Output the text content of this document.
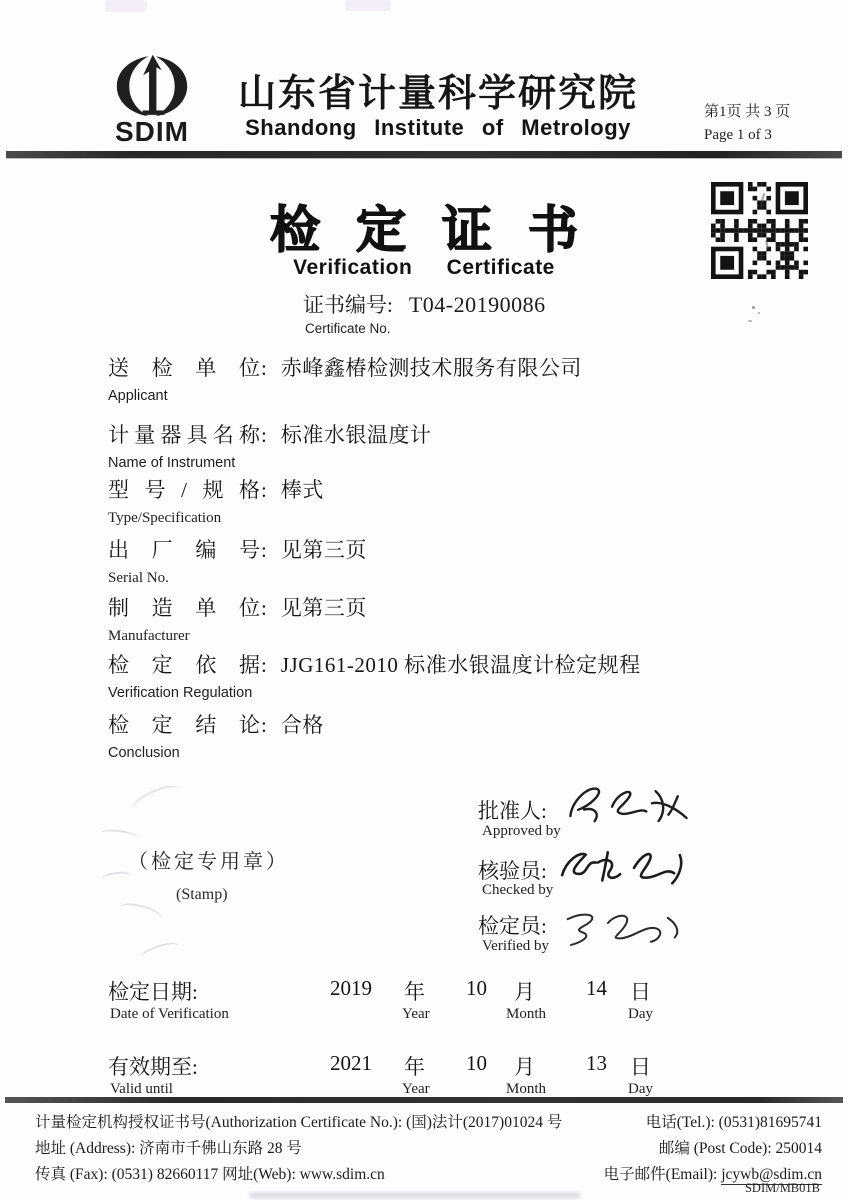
SDIM
山东省计量科学研究院
Shandong Institute of Metrology
第1页 共 3 页
Page 1 of 3
检定证书
Verification Certificate
证书编号: T04-20190086
Certificate No.
送检单位: 赤峰鑫椿检测技术服务有限公司
Applicant
计量器具名称: 标准水银温度计
Name of Instrument
型号/规格: 棒式
Type/Specification
出厂编号: 见第三页
Serial No.
制造单位: 见第三页
Manufacturer
检定依据: JJG161-2010 标准水银温度计检定规程
Verification Regulation
检定结论: 合格
Conclusion
（检定专用章）
(Stamp)
批准人:
Approved by
核验员:
Checked by
检定员:
Verified by
检定日期:
Date of Verification
2019 年 10 月 14 日
Year	Month	Day
有效期至:
Valid until
2021 年 10 月 13 日
Year	Month	Day
计量检定机构授权证书号(Authorization Certificate No.): (国)法计(2017)01024 号
地址 (Address): 济南市千佛山东路 28 号
传真 (Fax): (0531) 82660117 网址(Web): www.sdim.cn
电话(Tel.): (0531)81695741
邮编 (Post Code): 250014
电子邮件(Email): jcywb@sdim.cn
SDIM/MB01B
